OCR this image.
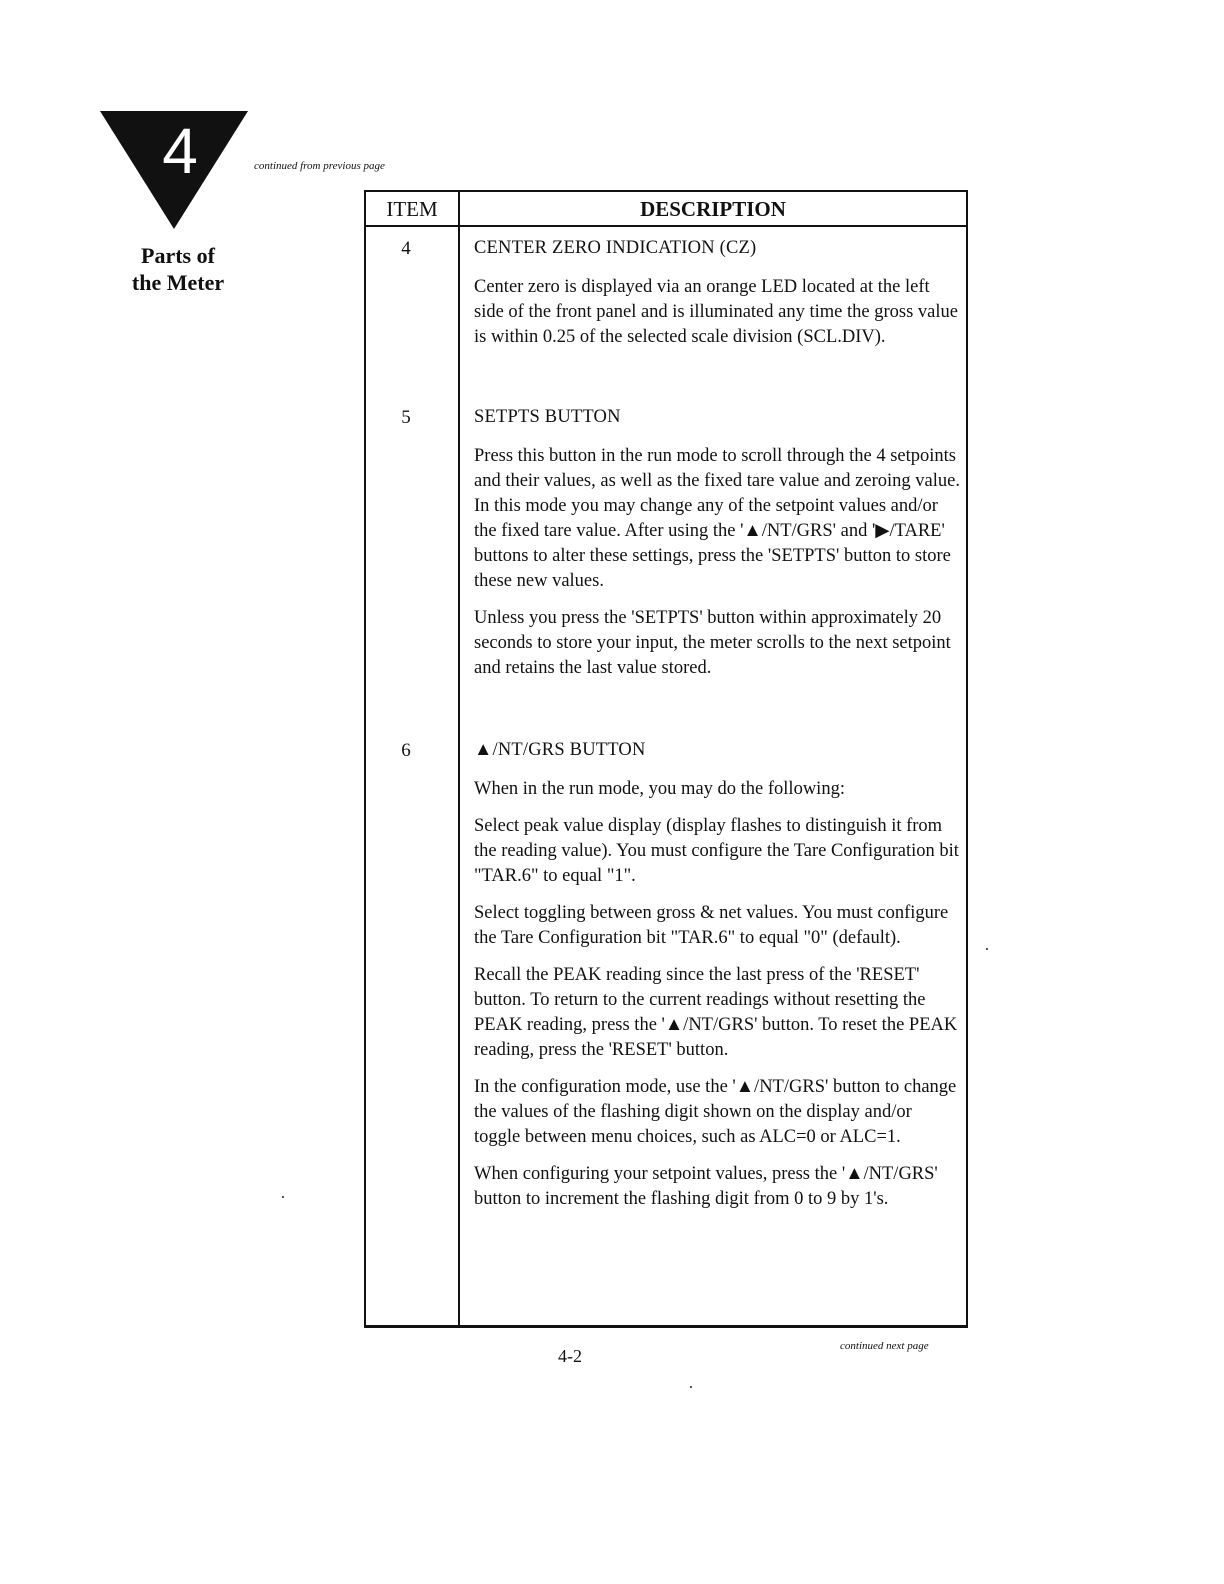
4
Parts of
the Meter
continued from previous page
ITEM	DESCRIPTION
4	CENTER ZERO INDICATION (CZ)

Center zero is displayed via an orange LED located at the left side of the front panel and is illuminated any time the gross value is within 0.25 of the selected scale division (SCL.DIV).

5	SETPTS BUTTON

Press this button in the run mode to scroll through the 4 setpoints and their values, as well as the fixed tare value and zeroing value. In this mode you may change any of the setpoint values and/or the fixed tare value. After using the '▲/NT/GRS' and '▶/TARE' buttons to alter these settings, press the 'SETPTS' button to store these new values.

Unless you press the 'SETPTS' button within approximately 20 seconds to store your input, the meter scrolls to the next setpoint and retains the last value stored.

6	▲/NT/GRS BUTTON

When in the run mode, you may do the following:

Select peak value display (display flashes to distinguish it from the reading value). You must configure the Tare Configuration bit "TAR.6" to equal "1".

Select toggling between gross & net values. You must configure the Tare Configuration bit "TAR.6" to equal "0" (default).

Recall the PEAK reading since the last press of the 'RESET' button. To return to the current readings without resetting the PEAK reading, press the '▲/NT/GRS' button. To reset the PEAK reading, press the 'RESET' button.

In the configuration mode, use the '▲/NT/GRS' button to change the values of the flashing digit shown on the display and/or toggle between menu choices, such as ALC=0 or ALC=1.

When configuring your setpoint values, press the '▲/NT/GRS' button to increment the flashing digit from 0 to 9 by 1's.

4-2	continued next page
